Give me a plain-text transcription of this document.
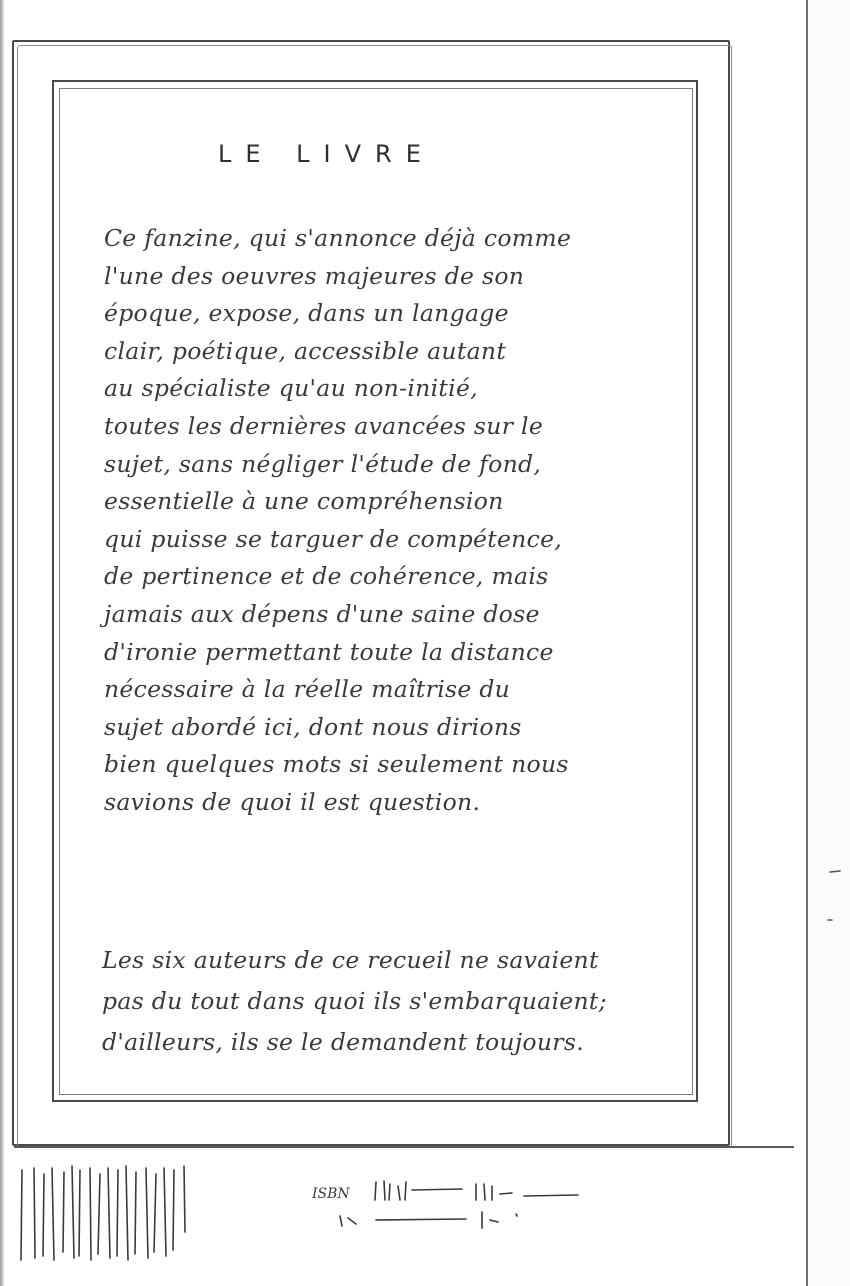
LE LIVRE
Ce fanzine, qui s'annonce déjà comme
l'une des oeuvres majeures de son
époque, expose, dans un langage
clair, poétique, accessible autant
au spécialiste qu'au non-initié,
toutes les dernières avancées sur le
sujet, sans négliger l'étude de fond,
essentielle à une compréhension
qui puisse se targuer de compétence,
de pertinence et de cohérence, mais
jamais aux dépens d'une saine dose
d'ironie permettant toute la distance
nécessaire à la réelle maîtrise du
sujet abordé ici, dont nous dirions
bien quelques mots si seulement nous
savions de quoi il est question.
Les six auteurs de ce recueil ne savaient
pas du tout dans quoi ils s'embarquaient;
d'ailleurs, ils se le demandent toujours.
ISBN
